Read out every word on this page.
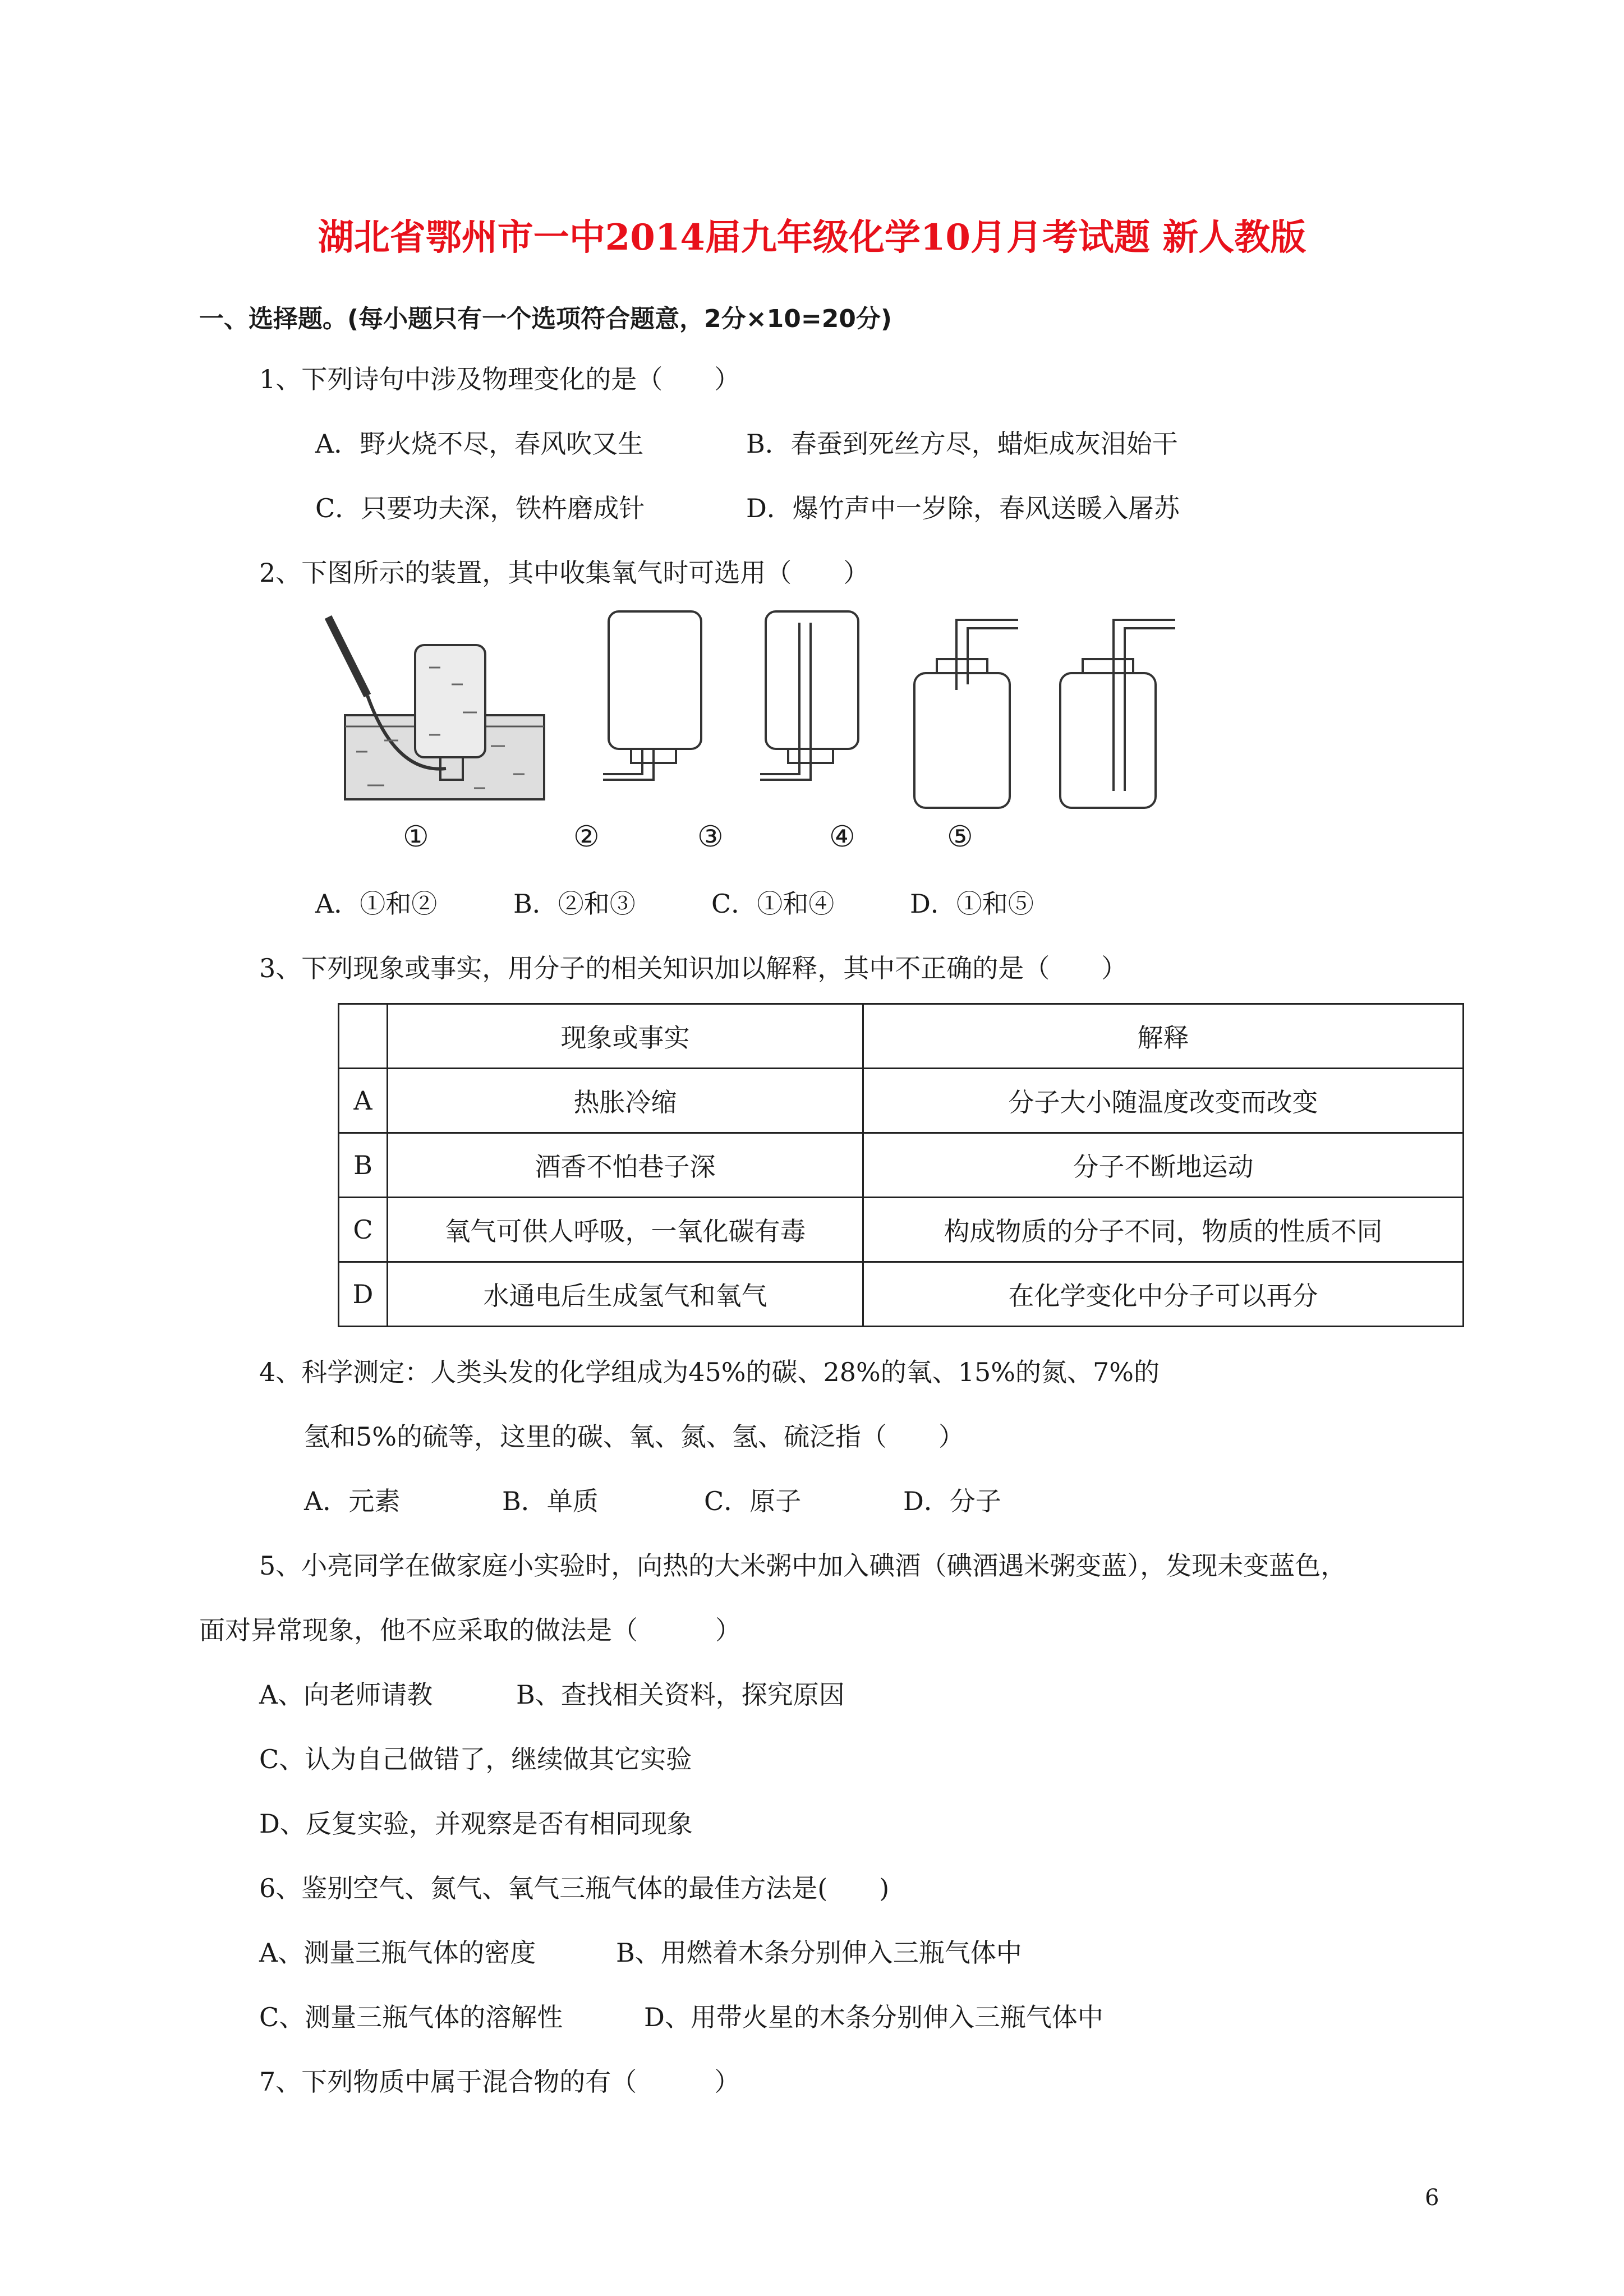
湖北省鄂州市一中2014届九年级化学10月月考试题 新人教版
一、选择题。(每小题只有一个选项符合题意，2分×10=20分)
1、下列诗句中涉及物理变化的是（　　）
A．野火烧不尽，春风吹又生	B．春蚕到死丝方尽，蜡炬成灰泪始干
C．只要功夫深，铁杵磨成针	D．爆竹声中一岁除，春风送暖入屠苏
2、下图所示的装置，其中收集氧气时可选用（　　）
①	②	③	④	⑤
A．①和②	B．②和③	C．①和④	D．①和⑤
3、下列现象或事实，用分子的相关知识加以解释，其中不正确的是（　　）
	现象或事实	解释
A	热胀冷缩	分子大小随温度改变而改变
B	酒香不怕巷子深	分子不断地运动
C	氧气可供人呼吸，一氧化碳有毒	构成物质的分子不同，物质的性质不同
D	水通电后生成氢气和氧气	在化学变化中分子可以再分
4、科学测定：人类头发的化学组成为45%的碳、28%的氧、15%的氮、7%的
氢和5%的硫等，这里的碳、氧、氮、氢、硫泛指（　　）
A．元素	B．单质	C．原子	D．分子
5、小亮同学在做家庭小实验时，向热的大米粥中加入碘酒（碘酒遇米粥变蓝），发现未变蓝色，
面对异常现象，他不应采取的做法是（　　　）
A、向老师请教	B、查找相关资料，探究原因
C、认为自己做错了，继续做其它实验
D、反复实验，并观察是否有相同现象
6、鉴别空气、氮气、氧气三瓶气体的最佳方法是(　　)
A、测量三瓶气体的密度	B、用燃着木条分别伸入三瓶气体中
C、测量三瓶气体的溶解性	D、用带火星的木条分别伸入三瓶气体中
7、下列物质中属于混合物的有（　　　）
6
